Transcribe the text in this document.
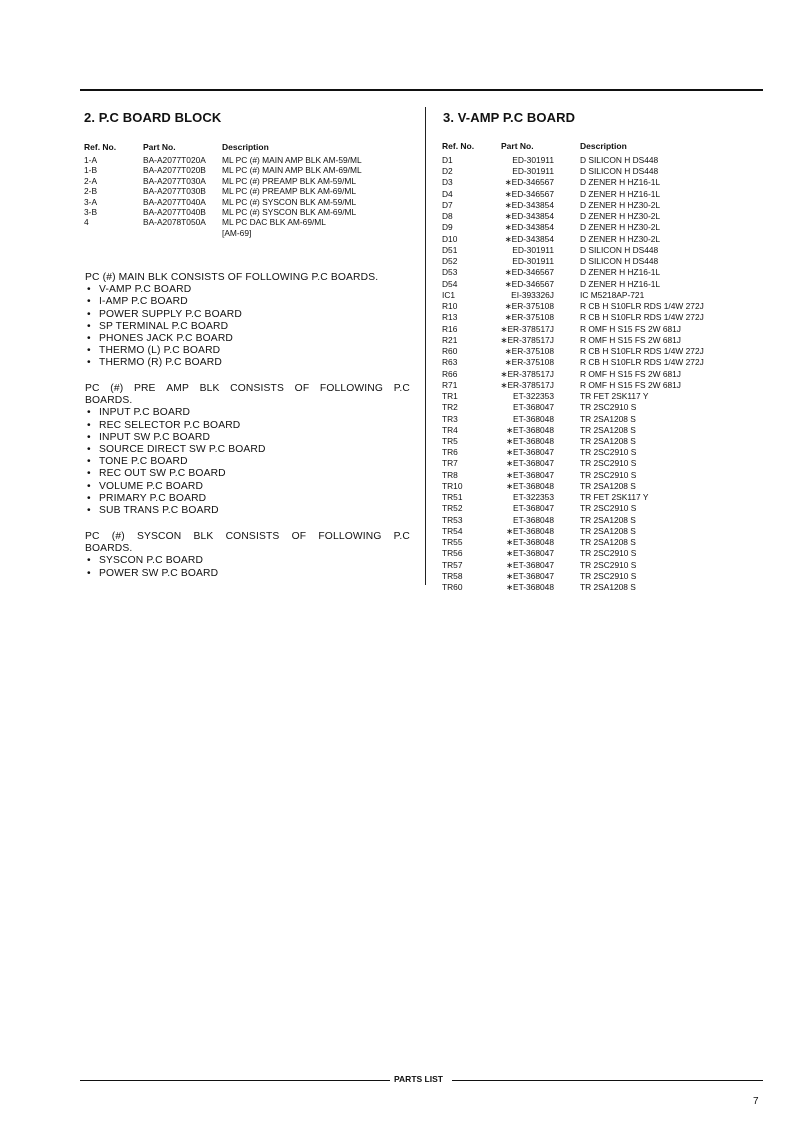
2. P.C BOARD BLOCK
Ref. No.	Part No.	Description
1-A	BA-A2077T020A ML PC (#) MAIN AMP BLK AM-59/ML
1-B	BA-A2077T020B ML PC (#) MAIN AMP BLK AM-69/ML
2-A	BA-A2077T030A ML PC (#) PREAMP BLK AM-59/ML
2-B	BA-A2077T030B ML PC (#) PREAMP BLK AM-69/ML
3-A	BA-A2077T040A ML PC (#) SYSCON BLK AM-59/ML
3-B	BA-A2077T040B ML PC (#) SYSCON BLK AM-69/ML
4	BA-A2078T050A ML PC DAC BLK AM-69/ML
[AM-69]
PC (#) MAIN BLK CONSISTS OF FOLLOWING P.C BOARDS.
• V-AMP P.C BOARD
• I-AMP P.C BOARD
• POWER SUPPLY P.C BOARD
• SP TERMINAL P.C BOARD
• PHONES JACK P.C BOARD
• THERMO (L) P.C BOARD
• THERMO (R) P.C BOARD
PC (#) PRE AMP BLK CONSISTS OF FOLLOWING P.C
BOARDS.
• INPUT P.C BOARD
• REC SELECTOR P.C BOARD
• INPUT SW P.C BOARD
• SOURCE DIRECT SW P.C BOARD
• TONE P.C BOARD
• REC OUT SW P.C BOARD
• VOLUME P.C BOARD
• PRIMARY P.C BOARD
• SUB TRANS P.C BOARD
PC (#) SYSCON BLK CONSISTS OF FOLLOWING P.C
BOARDS.
• SYSCON P.C BOARD
• POWER SW P.C BOARD
3. V-AMP P.C BOARD
Ref. No.	Part No.	Description
D1	ED-301911	D SILICON H DS448
D2	ED-301911	D SILICON H DS448
D3	∗ED-346567	D ZENER H HZ16-1L
D4	∗ED-346567	D ZENER H HZ16-1L
D7	∗ED-343854	D ZENER H HZ30-2L
D8	∗ED-343854	D ZENER H HZ30-2L
D9	∗ED-343854	D ZENER H HZ30-2L
D10	∗ED-343854	D ZENER H HZ30-2L
D51	ED-301911	D SILICON H DS448
D52	ED-301911	D SILICON H DS448
D53	∗ED-346567	D ZENER H HZ16-1L
D54	∗ED-346567	D ZENER H HZ16-1L
IC1	EI-393326J	IC M5218AP-721
R10	∗ER-375108	R CB H S10FLR RDS 1/4W 272J
R13	∗ER-375108	R CB H S10FLR RDS 1/4W 272J
R16	∗ER-378517J	R OMF H S15 FS 2W 681J
R21	∗ER-378517J	R OMF H S15 FS 2W 681J
R60	∗ER-375108	R CB H S10FLR RDS 1/4W 272J
R63	∗ER-375108	R CB H S10FLR RDS 1/4W 272J
R66	∗ER-378517J	R OMF H S15 FS 2W 681J
R71	∗ER-378517J	R OMF H S15 FS 2W 681J
TR1	ET-322353	TR FET 2SK117 Y
TR2	ET-368047	TR 2SC2910 S
TR3	ET-368048	TR 2SA1208 S
TR4	∗ET-368048	TR 2SA1208 S
TR5	∗ET-368048	TR 2SA1208 S
TR6	∗ET-368047	TR 2SC2910 S
TR7	∗ET-368047	TR 2SC2910 S
TR8	∗ET-368047	TR 2SC2910 S
TR10	∗ET-368048	TR 2SA1208 S
TR51	ET-322353	TR FET 2SK117 Y
TR52	ET-368047	TR 2SC2910 S
TR53	ET-368048	TR 2SA1208 S
TR54	∗ET-368048	TR 2SA1208 S
TR55	∗ET-368048	TR 2SA1208 S
TR56	∗ET-368047	TR 2SC2910 S
TR57	∗ET-368047	TR 2SC2910 S
TR58	∗ET-368047	TR 2SC2910 S
TR60	∗ET-368048	TR 2SA1208 S
PARTS LIST
7
